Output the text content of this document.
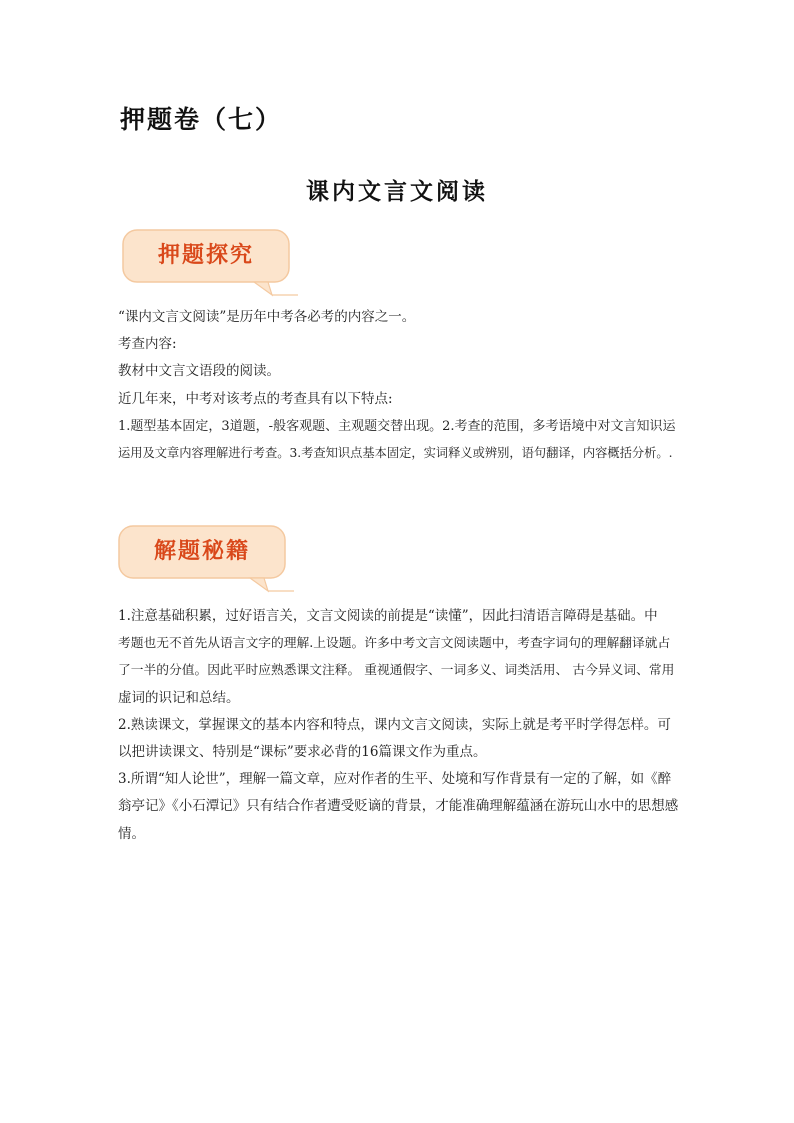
押题卷（七）
课内文言文阅读
押题探究

“课内文言文阅读”是历年中考各必考的内容之一。

考查内容:

教材中文言文语段的阅读。

近几年来，中考对该考点的考查具有以下特点:

1.题型基本固定，3道题，-般客观题、主观题交替出现。2.考查的范围，多考语境中对文言知识运

运用及文章内容理解进行考查。3.考查知识点基本固定，实词释义或辨别，语句翻译，内容概括分析。.

解题秘籍

1.注意基础积累，过好语言关，文言文阅读的前提是“读懂”，因此扫清语言障碍是基础。中

考题也无不首先从语言文字的理解.上设题。许多中考文言文阅读题中，考查字词句的理解翻译就占

了一半的分值。因此平时应熟悉课文注释。 重视通假字、一词多义、词类活用、 古今异义词、常用

虚词的识记和总结。

2.熟读课文，掌握课文的基本内容和特点，课内文言文阅读，实际上就是考平时学得怎样。可

以把讲读课文、特别是“课标”要求必背的16篇课文作为重点。

3.所谓“知人论世”，理解一篇文章，应对作者的生平、处境和写作背景有一定的了解，如《醉

翁亭记》《小石潭记》只有结合作者遭受贬谪的背景，才能准确理解蕴涵在游玩山水中的思想感

情。
